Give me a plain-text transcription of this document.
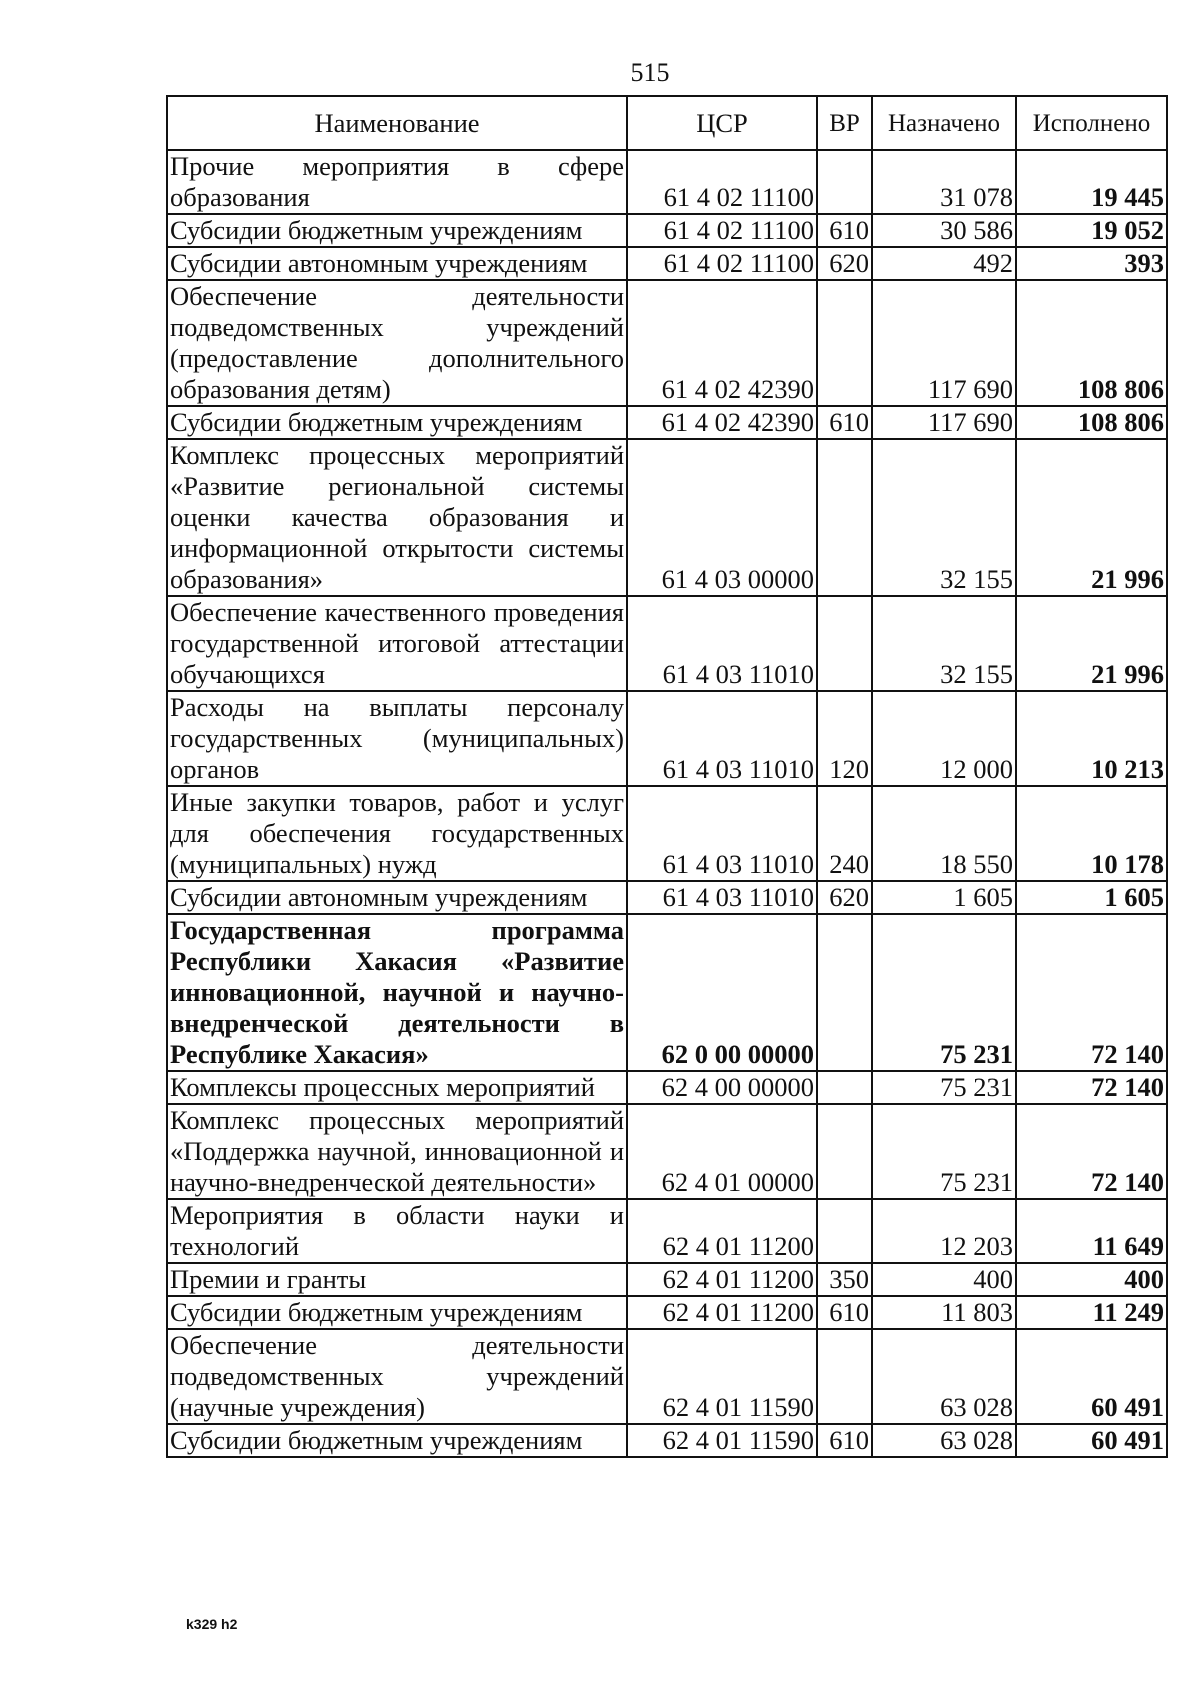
515
Наименование	ЦСР	ВР	Назначено	Исполнено
Прочие мероприятия в сфере образования	61 4 02 11100		31 078	19 445
Субсидии бюджетным учреждениям	61 4 02 11100	610	30 586	19 052
Субсидии автономным учреждениям	61 4 02 11100	620	492	393
Обеспечение деятельности подведомственных учреждений (предоставление дополнительного образования детям)	61 4 02 42390		117 690	108 806
Субсидии бюджетным учреждениям	61 4 02 42390	610	117 690	108 806
Комплекс процессных мероприятий «Развитие региональной системы оценки качества образования и информационной открытости системы образования»	61 4 03 00000		32 155	21 996
Обеспечение качественного проведения государственной итоговой аттестации обучающихся	61 4 03 11010		32 155	21 996
Расходы на выплаты персоналу государственных (муниципальных) органов	61 4 03 11010	120	12 000	10 213
Иные закупки товаров, работ и услуг для обеспечения государственных (муниципальных) нужд	61 4 03 11010	240	18 550	10 178
Субсидии автономным учреждениям	61 4 03 11010	620	1 605	1 605
Государственная программа Республики Хакасия «Развитие инновационной, научной и научно-внедренческой деятельности в Республике Хакасия»	62 0 00 00000		75 231	72 140
Комплексы процессных мероприятий	62 4 00 00000		75 231	72 140
Комплекс процессных мероприятий «Поддержка научной, инновационной и научно-внедренческой деятельности»	62 4 01 00000		75 231	72 140
Мероприятия в области науки и технологий	62 4 01 11200		12 203	11 649
Премии и гранты	62 4 01 11200	350	400	400
Субсидии бюджетным учреждениям	62 4 01 11200	610	11 803	11 249
Обеспечение деятельности подведомственных учреждений (научные учреждения)	62 4 01 11590		63 028	60 491
Субсидии бюджетным учреждениям	62 4 01 11590	610	63 028	60 491
k329 h2
